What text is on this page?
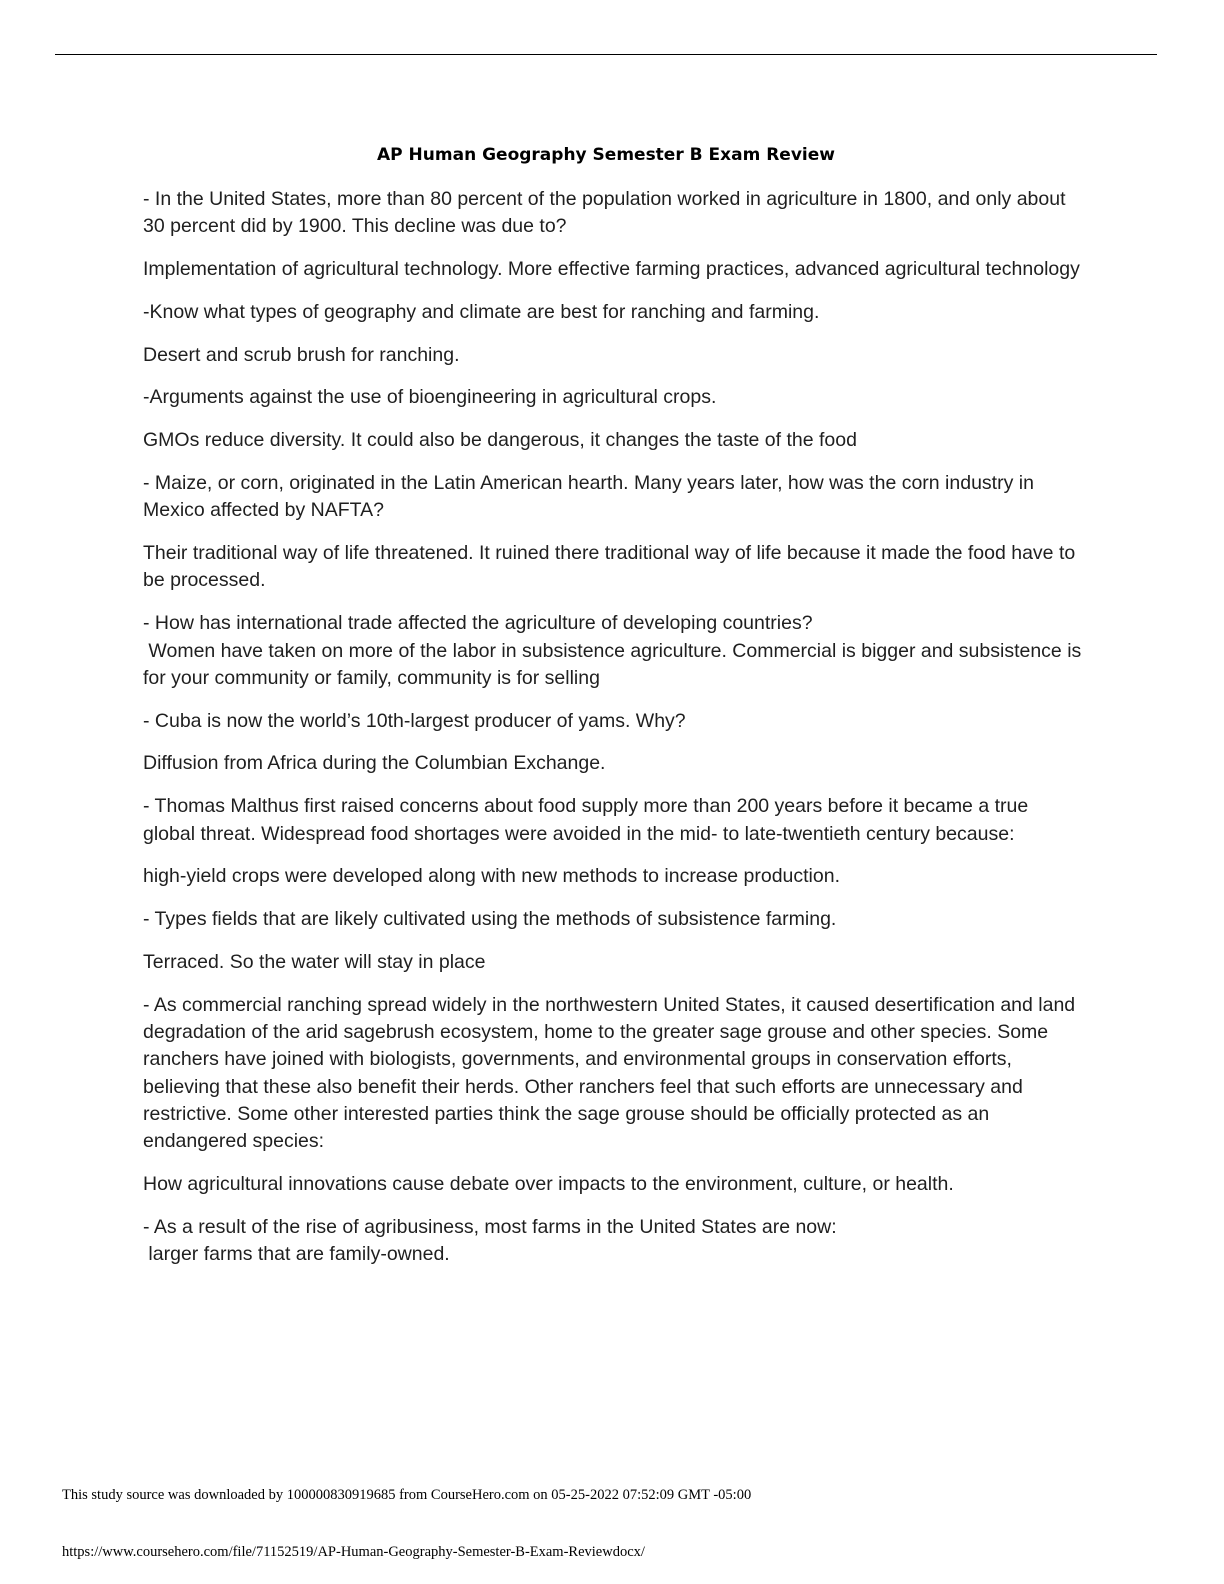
AP Human Geography Semester B Exam Review

- In the United States, more than 80 percent of the population worked in agriculture in 1800, and only about 30 percent did by 1900. This decline was due to?

Implementation of agricultural technology. More effective farming practices, advanced agricultural technology

-Know what types of geography and climate are best for ranching and farming.

Desert and scrub brush for ranching.

-Arguments against the use of bioengineering in agricultural crops.

GMOs reduce diversity. It could also be dangerous, it changes the taste of the food

- Maize, or corn, originated in the Latin American hearth. Many years later, how was the corn industry in Mexico affected by NAFTA?

Their traditional way of life threatened. It ruined there traditional way of life because it made the food have to be processed.

- How has international trade affected the agriculture of developing countries?
Women have taken on more of the labor in subsistence agriculture. Commercial is bigger and subsistence is for your community or family, community is for selling

- Cuba is now the world’s 10th-largest producer of yams. Why?

Diffusion from Africa during the Columbian Exchange.

- Thomas Malthus first raised concerns about food supply more than 200 years before it became a true global threat. Widespread food shortages were avoided in the mid- to late-twentieth century because:

high-yield crops were developed along with new methods to increase production.

- Types fields that are likely cultivated using the methods of subsistence farming.

Terraced. So the water will stay in place

- As commercial ranching spread widely in the northwestern United States, it caused desertification and land degradation of the arid sagebrush ecosystem, home to the greater sage grouse and other species. Some ranchers have joined with biologists, governments, and environmental groups in conservation efforts, believing that these also benefit their herds. Other ranchers feel that such efforts are unnecessary and restrictive. Some other interested parties think the sage grouse should be officially protected as an endangered species:

How agricultural innovations cause debate over impacts to the environment, culture, or health.

- As a result of the rise of agribusiness, most farms in the United States are now:
larger farms that are family-owned.

This study source was downloaded by 100000830919685 from CourseHero.com on 05-25-2022 07:52:09 GMT -05:00
https://www.coursehero.com/file/71152519/AP-Human-Geography-Semester-B-Exam-Reviewdocx/
